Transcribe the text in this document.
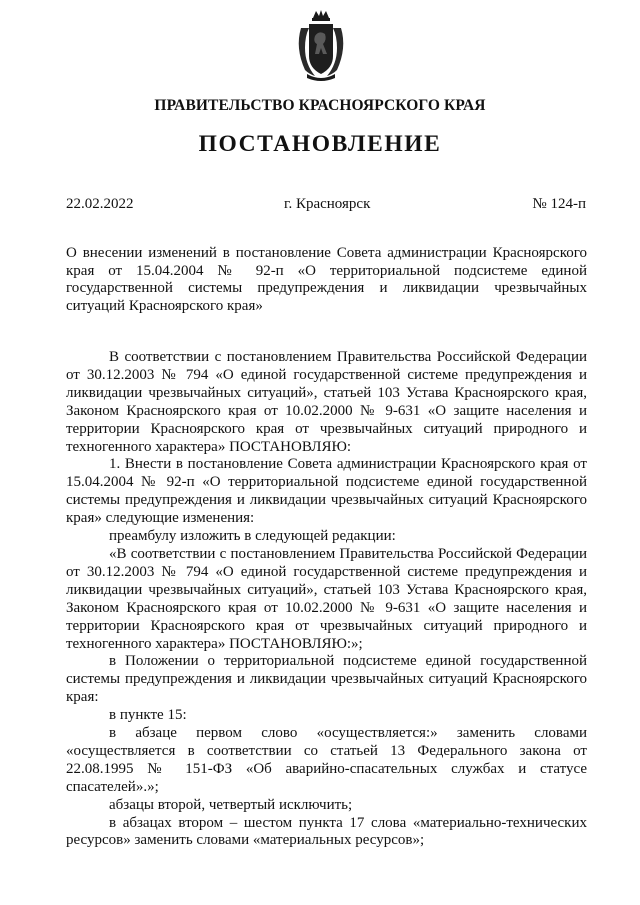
ПРАВИТЕЛЬСТВО КРАСНОЯРСКОГО КРАЯ
ПОСТАНОВЛЕНИЕ
22.02.2022	г. Красноярск	№ 124-п
О внесении изменений в постановление Совета администрации Красноярского края от 15.04.2004 № 92-п «О территориальной подсистеме единой государственной системы предупреждения и ликвидации чрезвычайных ситуаций Красноярского края»

В соответствии с постановлением Правительства Российской Федерации от 30.12.2003 № 794 «О единой государственной системе предупреждения и ликвидации чрезвычайных ситуаций», статьей 103 Устава Красноярского края, Законом Красноярского края от 10.02.2000 № 9-631 «О защите населения и территории Красноярского края от чрезвычайных ситуаций природного и техногенного характера» ПОСТАНОВЛЯЮ:

1. Внести в постановление Совета администрации Красноярского края от 15.04.2004 № 92-п «О территориальной подсистеме единой государственной системы предупреждения и ликвидации чрезвычайных ситуаций Красноярского края» следующие изменения:

преамбулу изложить в следующей редакции:

«В соответствии с постановлением Правительства Российской Федерации от 30.12.2003 № 794 «О единой государственной системе предупреждения и ликвидации чрезвычайных ситуаций», статьей 103 Устава Красноярского края, Законом Красноярского края от 10.02.2000 № 9-631 «О защите населения и территории Красноярского края от чрезвычайных ситуаций природного и техногенного характера» ПОСТАНОВЛЯЮ:»;

в Положении о территориальной подсистеме единой государственной системы предупреждения и ликвидации чрезвычайных ситуаций Красноярского края:

в пункте 15:

в абзаце первом слово «осуществляется:» заменить словами «осуществляется в соответствии со статьей 13 Федерального закона от 22.08.1995 № 151-ФЗ «Об аварийно-спасательных службах и статусе спасателей».»;

абзацы второй, четвертый исключить;

в абзацах втором – шестом пункта 17 слова «материально-технических ресурсов» заменить словами «материальных ресурсов»;
